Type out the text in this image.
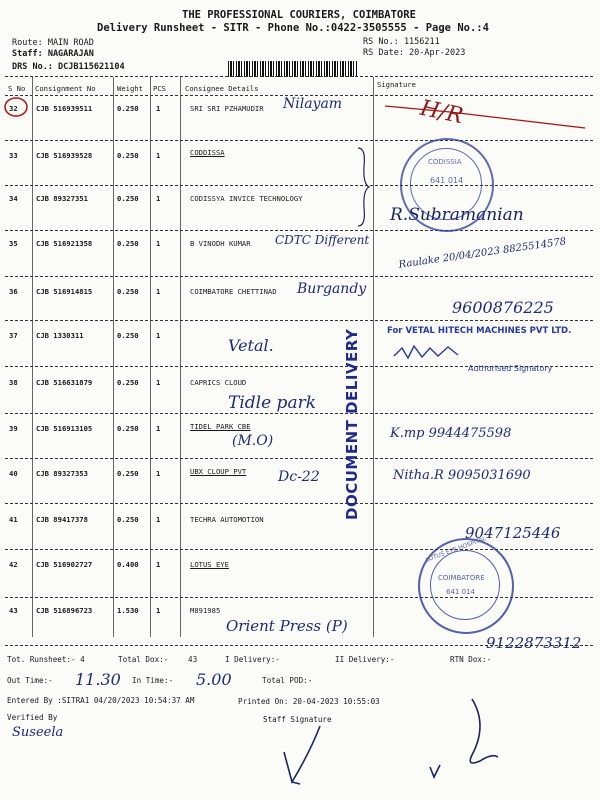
THE PROFESSIONAL COURIERS, COIMBATORE
Delivery Runsheet - SITR - Phone No.:0422-3505555 - Page No.:4
Route: MAIN ROAD
Staff: NAGARAJAN
DRS No.: DCJB115621104
RS No.: 1156211
RS Date: 20-Apr-2023
S No Consignment No	Weight PCS	Consignee Details	Signature
32	CJB 516939511	0.250 1	SRI SRI PZHAMUDIR Nilayam	H/R
33	CJB 516939528	0.250 1	CODDISSA
34	CJB 89327351	0.250 1	CODISSYA INVICE TECHNOLOGY
R.Subramanian
35	CJB 516921358	0.250 1	B VINODH KUMAR CDTC Different	Raulake 20/04/2023 8825514578
36	CJB 516914815	0.250 1	COIMBATORE CHETTINAD Burgandy
9600876225
37	CJB 1330311	0.250 1
Vetal.
38	CJB 516631879	0.250 1	CAPRICS CLOUD
Tidle park
39	CJB 516913105	0.250 1	TIDEL PARK CBE
(M.O)	K.mp 9944475598
40	CJB 89327353	0.250 1	UBX CLOUP PVT Dc-22	Nitha.R 9095031690
41	CJB 89417378	0.250 1	TECHRA AUTOMOTION
9047125446
42	CJB 516902727	0.400 1	LOTUS EYE
43	CJB 516896723	1.530 1	M891985
Orient Press (P)
9122873312
CODISSIA
641 014
For VETAL HITECH MACHINES PVT LTD.
Authorised Signatory
DOCUMENT DELIVERY
LOTUS EYE HOSPITAL
COIMBATORE
641 014
Tot. Runsheet:- 4	Total Dox:-	43	I Delivery:-	II Delivery:-	RTN Dox:-
Out Time:- 11.30 In Time:- 5.00	Total POD:-
Entered By :SITRA1 04/20/2023 10:54:37 AM	Printed On: 20-04-2023 10:55:03
Verified By
Suseela
Staff Signature
